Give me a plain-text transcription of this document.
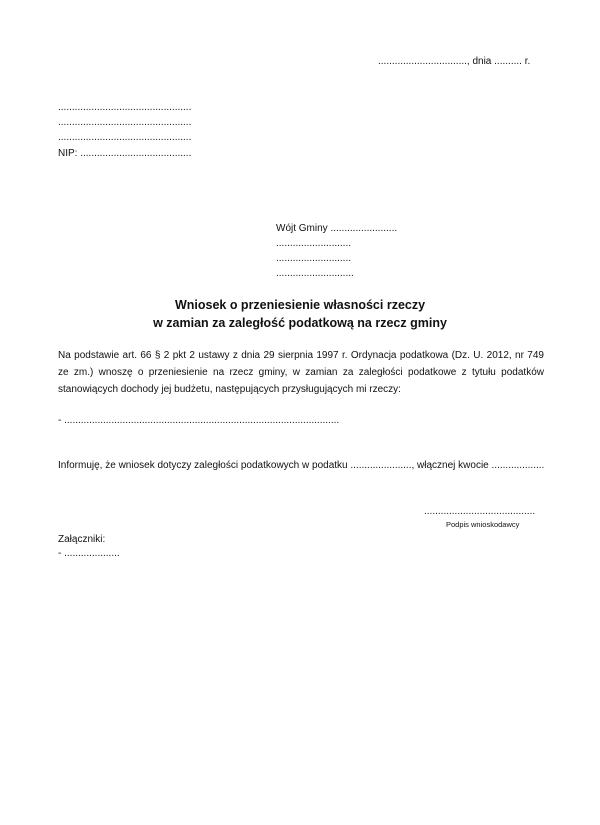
................................, dnia .......... r.
................................................
................................................
................................................
NIP: ........................................
Wójt Gminy ........................
...........................
...........................
............................
Wniosek o przeniesienie własności rzeczy
w zamian za zaległość podatkową na rzecz gminy
Na podstawie art. 66 § 2 pkt 2 ustawy z dnia 29 sierpnia 1997 r. Ordynacja podatkowa (Dz. U. 2012, nr 749 ze zm.) wnoszę o przeniesienie na rzecz gminy, w zamian za zaległości podatkowe z tytułu podatków stanowiących dochody jej budżetu, następujących przysługujących mi rzeczy:
- ...................................................................................................
Informuję, że wniosek dotyczy zaległości podatkowych w podatku ......................, włącznej kwocie ...................
........................................
Podpis wnioskodawcy
Załączniki:
- ....................
